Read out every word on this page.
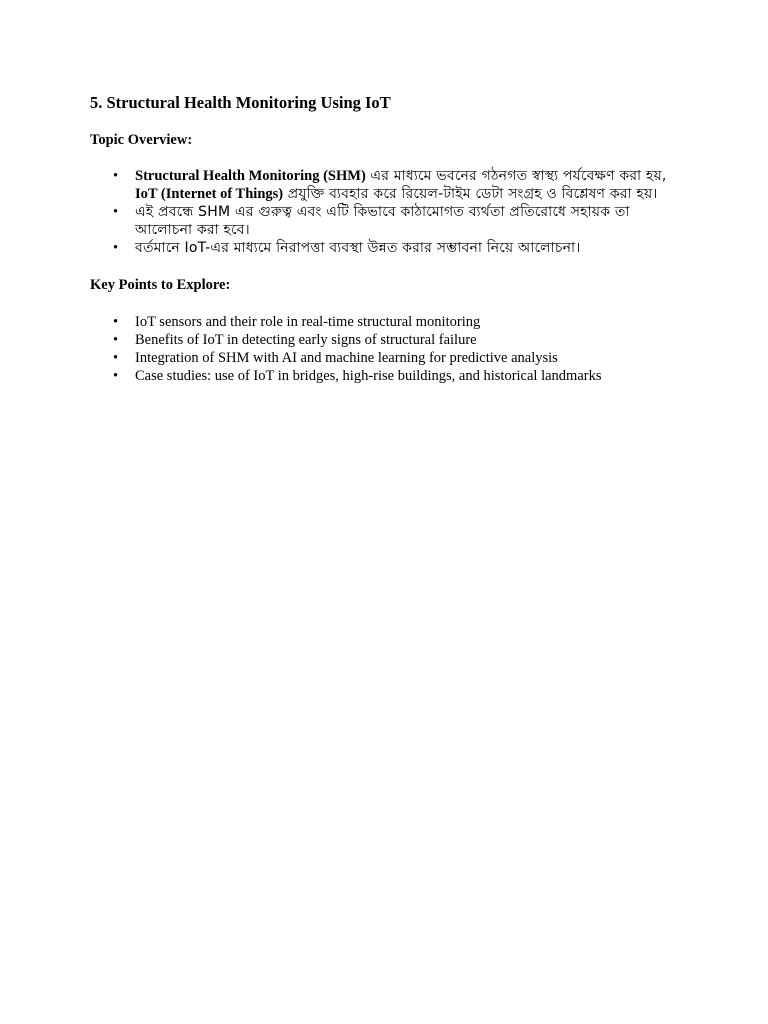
5. Structural Health Monitoring Using IoT

Topic Overview:

• Structural Health Monitoring (SHM) এর মাধ্যমে ভবনের গঠনগত স্বাস্থ্য পর্যবেক্ষণ করা হয়, IoT (Internet of Things) প্রযুক্তি ব্যবহার করে রিয়েল-টাইম ডেটা সংগ্রহ ও বিশ্লেষণ করা হয়।
• এই প্রবন্ধে SHM এর গুরুত্ব এবং এটি কিভাবে কাঠামোগত ব্যর্থতা প্রতিরোধে সহায়ক তা আলোচনা করা হবে।
• বর্তমানে IoT-এর মাধ্যমে নিরাপত্তা ব্যবস্থা উন্নত করার সম্ভাবনা নিয়ে আলোচনা।

Key Points to Explore:

• IoT sensors and their role in real-time structural monitoring
• Benefits of IoT in detecting early signs of structural failure
• Integration of SHM with AI and machine learning for predictive analysis
• Case studies: use of IoT in bridges, high-rise buildings, and historical landmarks
